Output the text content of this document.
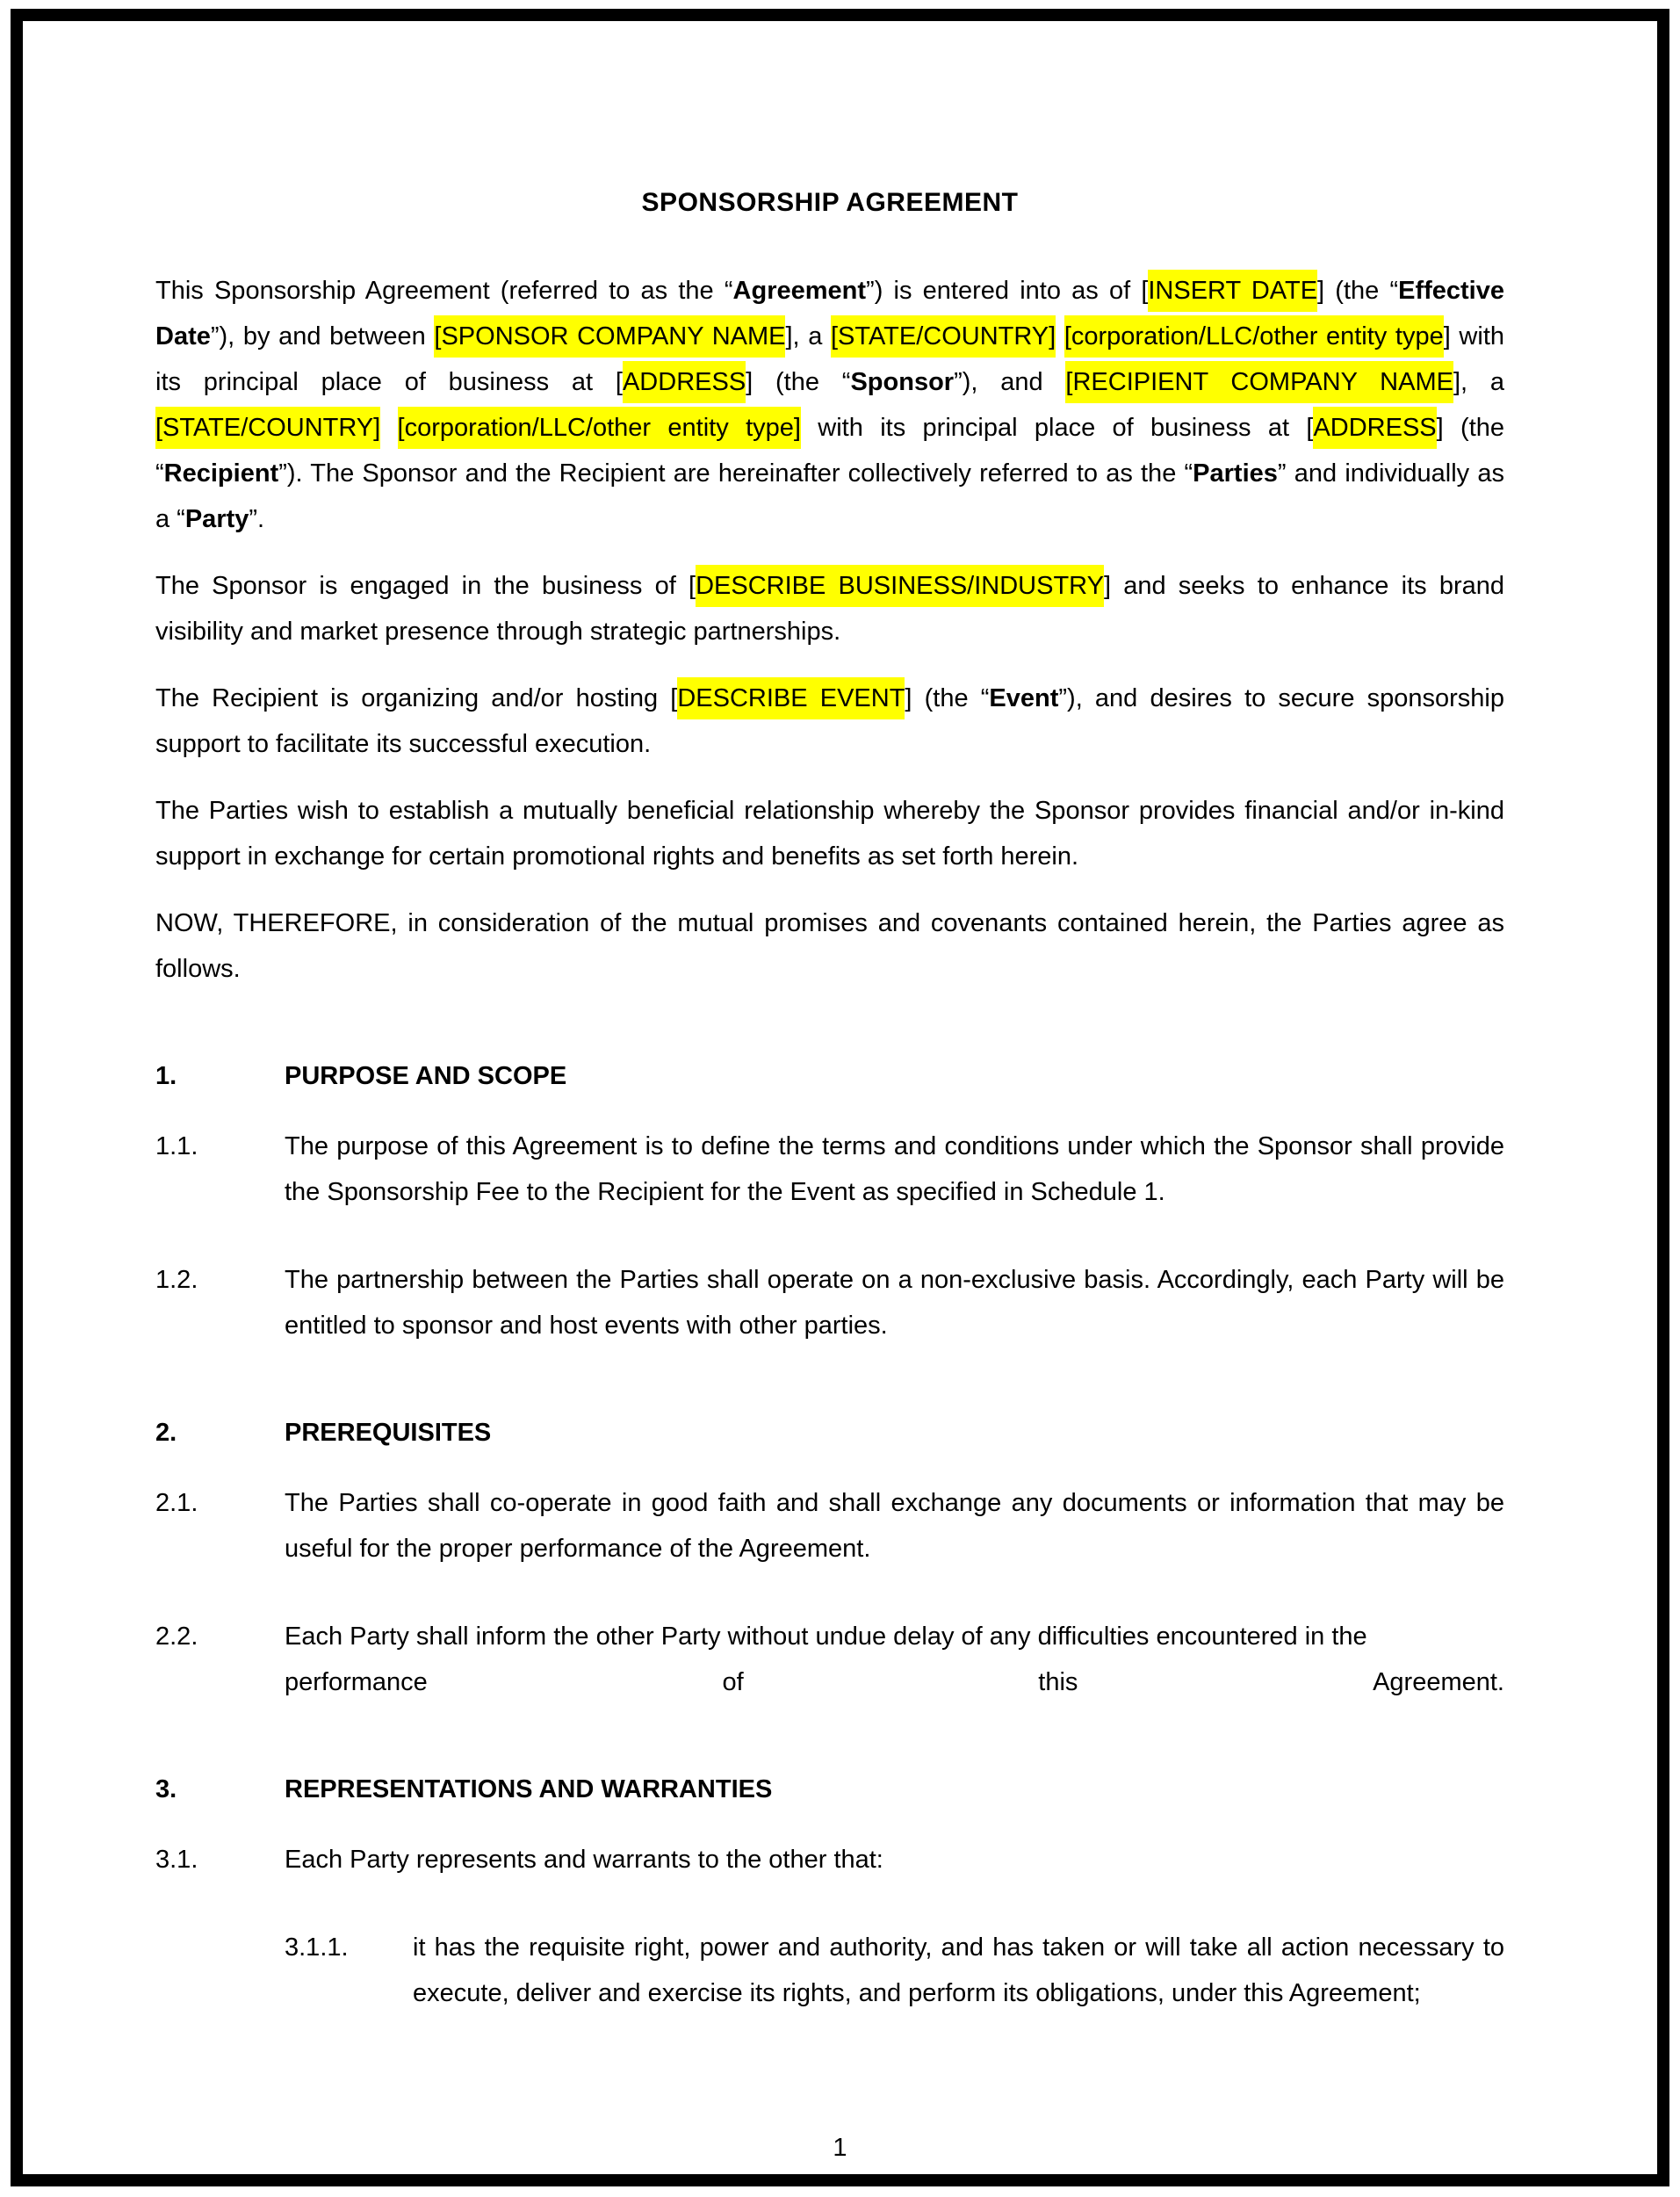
SPONSORSHIP AGREEMENT
This Sponsorship Agreement (referred to as the “Agreement”) is entered into as of [INSERT DATE] (the “Effective Date”), by and between [SPONSOR COMPANY NAME], a [STATE/COUNTRY] [corporation/LLC/other entity type] with its principal place of business at [ADDRESS] (the “Sponsor”), and [RECIPIENT COMPANY NAME], a [STATE/COUNTRY] [corporation/LLC/other entity type] with its principal place of business at [ADDRESS] (the “Recipient”). The Sponsor and the Recipient are hereinafter collectively referred to as the “Parties” and individually as a “Party”.
The Sponsor is engaged in the business of [DESCRIBE BUSINESS/INDUSTRY] and seeks to enhance its brand visibility and market presence through strategic partnerships.
The Recipient is organizing and/or hosting [DESCRIBE EVENT] (the “Event”), and desires to secure sponsorship support to facilitate its successful execution.
The Parties wish to establish a mutually beneficial relationship whereby the Sponsor provides financial and/or in-kind support in exchange for certain promotional rights and benefits as set forth herein.
NOW, THEREFORE, in consideration of the mutual promises and covenants contained herein, the Parties agree as follows.
1.	PURPOSE AND SCOPE
1.1.	The purpose of this Agreement is to define the terms and conditions under which the Sponsor shall provide the Sponsorship Fee to the Recipient for the Event as specified in Schedule 1.
1.2.	The partnership between the Parties shall operate on a non-exclusive basis. Accordingly, each Party will be entitled to sponsor and host events with other parties.
2.	PREREQUISITES
2.1.	The Parties shall co-operate in good faith and shall exchange any documents or information that may be useful for the proper performance of the Agreement.
2.2.	Each Party shall inform the other Party without undue delay of any difficulties encountered in the
performance	of	this	Agreement.
3.	REPRESENTATIONS AND WARRANTIES
3.1.	Each Party represents and warrants to the other that:
3.1.1.	it has the requisite right, power and authority, and has taken or will take all action necessary to execute, deliver and exercise its rights, and perform its obligations, under this Agreement;
1
